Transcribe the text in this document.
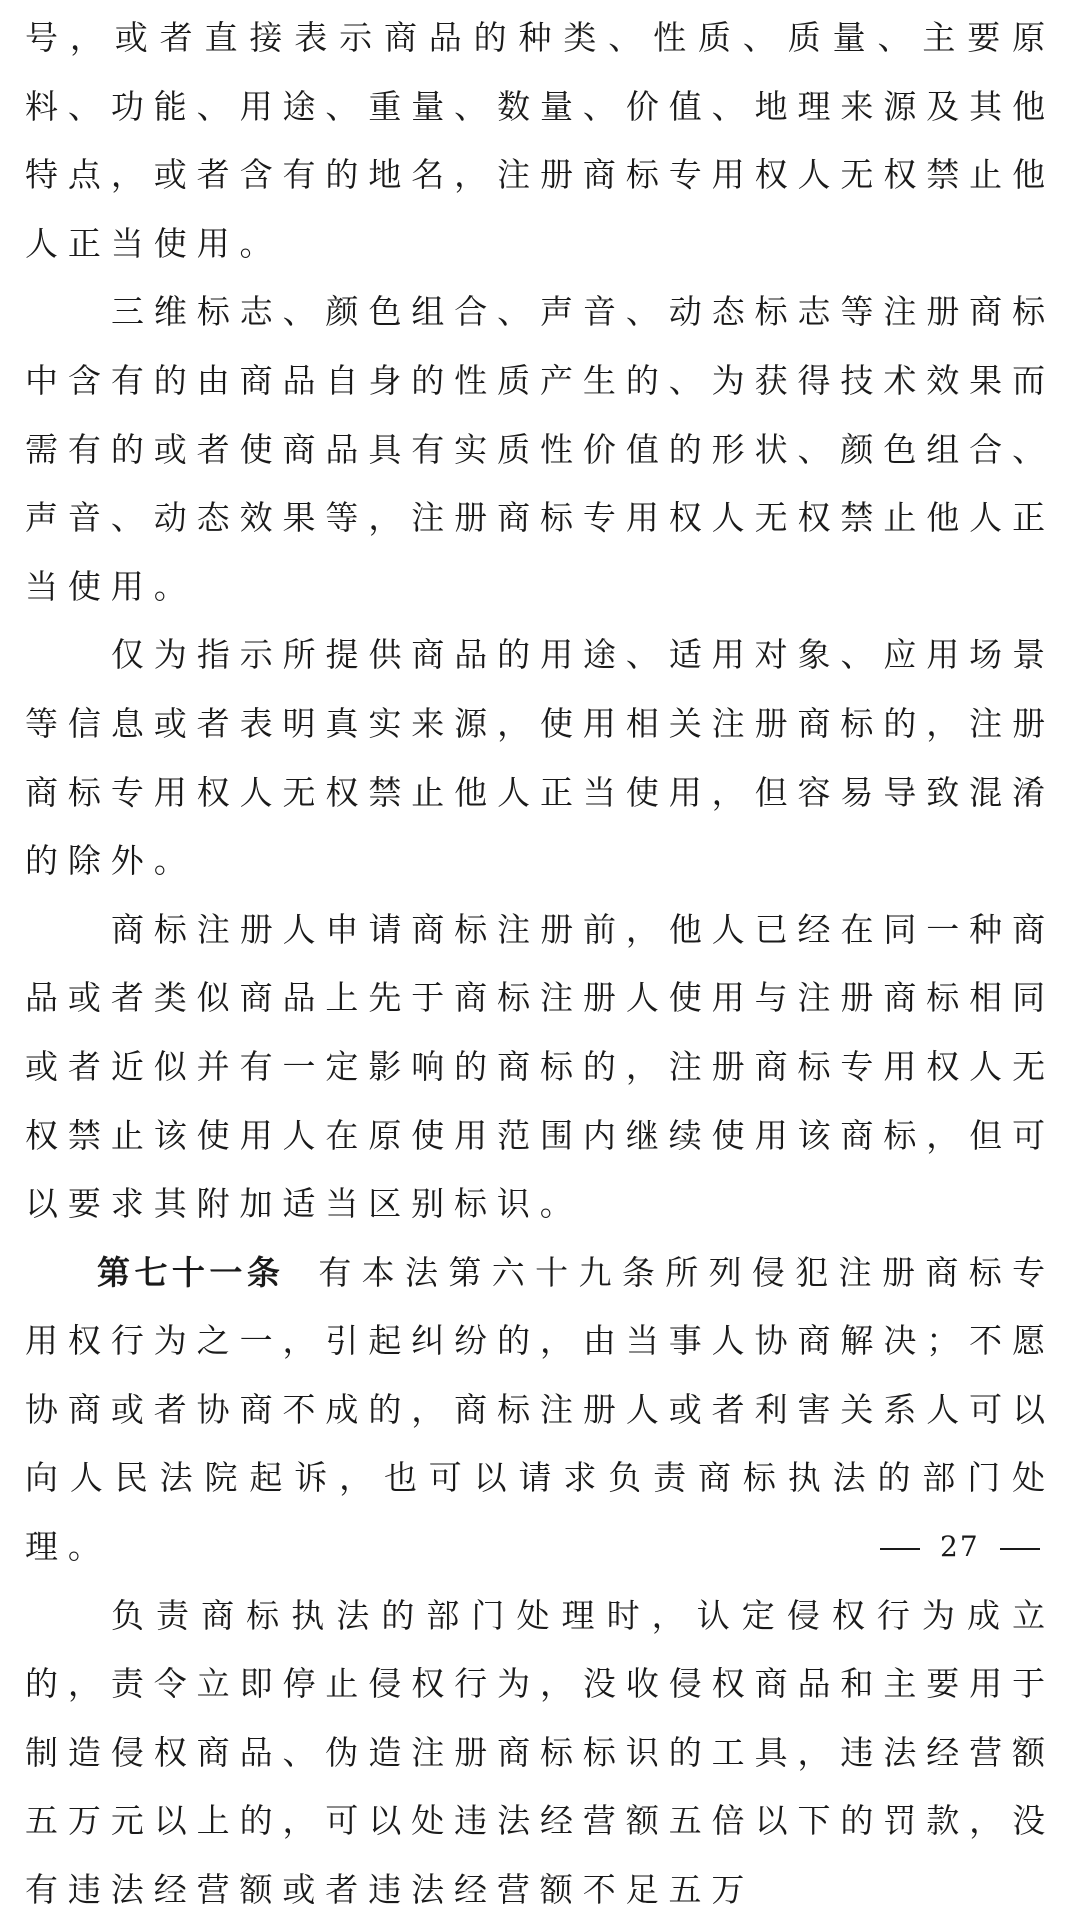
号，或者直接表示商品的种类、性质、质量、主要原料、功能、用途、重量、数量、价值、地理来源及其他特点，或者含有的地名，注册商标专用权人无权禁止他人正当使用。

三维标志、颜色组合、声音、动态标志等注册商标中含有的由商品自身的性质产生的、为获得技术效果而需有的或者使商品具有实质性价值的形状、颜色组合、声音、动态效果等，注册商标专用权人无权禁止他人正当使用。

仅为指示所提供商品的用途、适用对象、应用场景等信息或者表明真实来源，使用相关注册商标的，注册商标专用权人无权禁止他人正当使用，但容易导致混淆的除外。

商标注册人申请商标注册前，他人已经在同一种商品或者类似商品上先于商标注册人使用与注册商标相同或者近似并有一定影响的商标的，注册商标专用权人无权禁止该使用人在原使用范围内继续使用该商标，但可以要求其附加适当区别标识。

第七十一条 有本法第六十九条所列侵犯注册商标专用权行为之一，引起纠纷的，由当事人协商解决；不愿协商或者协商不成的，商标注册人或者利害关系人可以向人民法院起诉，也可以请求负责商标执法的部门处理。

负责商标执法的部门处理时，认定侵权行为成立的，责令立即停止侵权行为，没收侵权商品和主要用于制造侵权商品、伪造注册商标标识的工具，违法经营额五万元以上的，可以处违法经营额五倍以下的罚款，没有违法经营额或者违法经营额不足五万

27
